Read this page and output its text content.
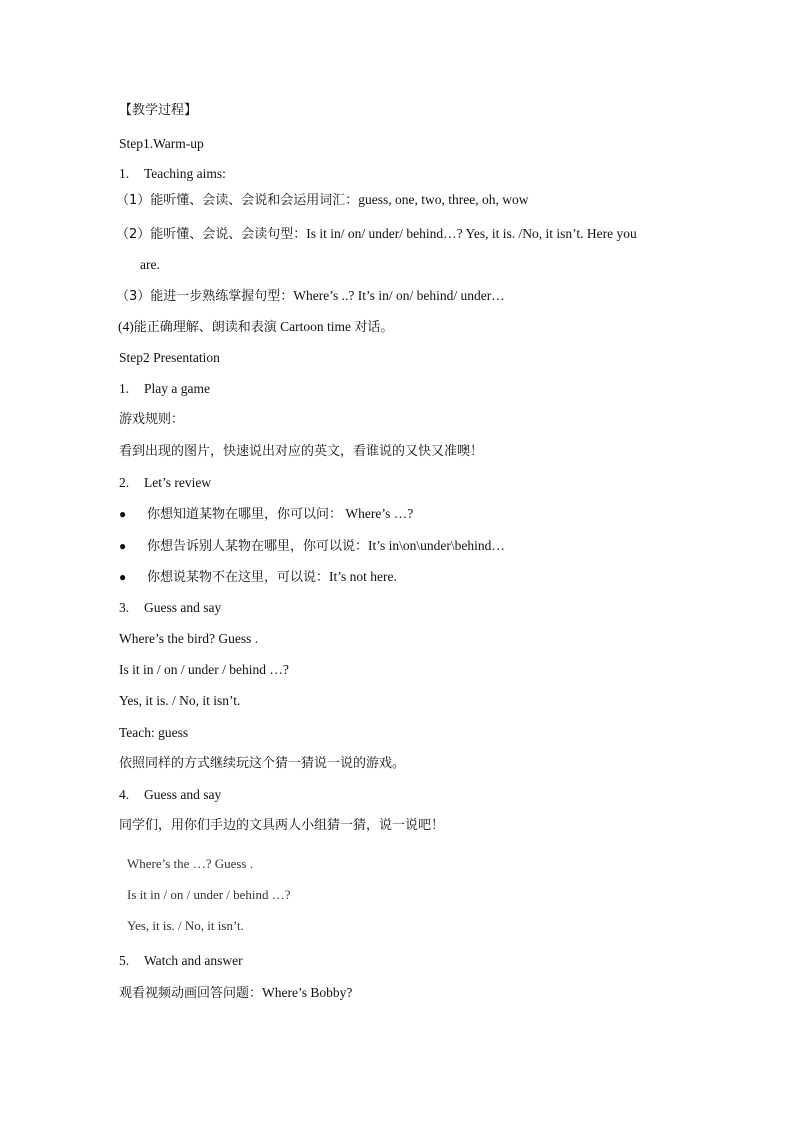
【教学过程】
Step1.Warm-up
1. Teaching aims:
（1）能听懂、会读、会说和会运用词汇：guess, one, two, three, oh, wow
（2）能听懂、会说、会读句型：Is it in/ on/ under/ behind…? Yes, it is. /No, it isn’t. Here you
are.
（3）能进一步熟练掌握句型：Where’s ..? It’s in/ on/ behind/ under…
(4)能正确理解、朗读和表演 Cartoon time 对话。
Step2 Presentation
1. Play a game
游戏规则：
看到出现的图片，快速说出对应的英文，看谁说的又快又准噢！
2. Let’s review
● 你想知道某物在哪里，你可以问： Where’s …?
● 你想告诉别人某物在哪里，你可以说：It’s in\on\under\behind…
● 你想说某物不在这里，可以说：It’s not here.
3. Guess and say
Where’s the bird? Guess .
Is it in / on / under / behind …?
Yes, it is. / No, it isn’t.
Teach: guess
依照同样的方式继续玩这个猜一猜说一说的游戏。
4. Guess and say
同学们，用你们手边的文具两人小组猜一猜，说一说吧！
Where’s the …? Guess .
Is it in / on / under / behind …?
Yes, it is. / No, it isn’t.
5. Watch and answer
观看视频动画回答问题：Where’s Bobby?
